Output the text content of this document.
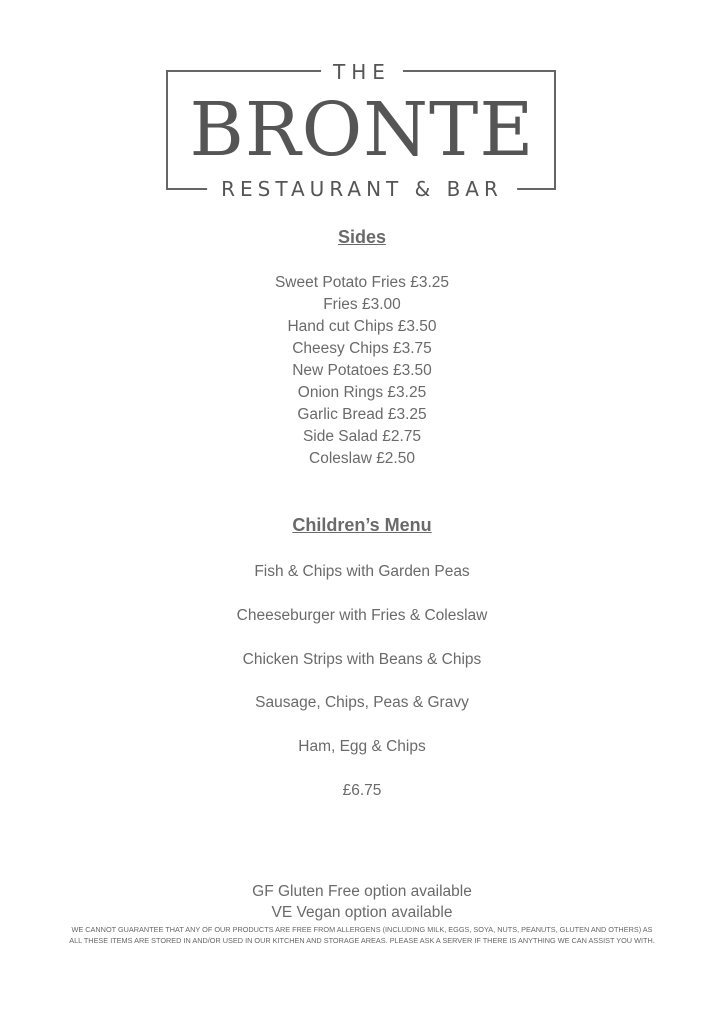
THE
BRONTE
RESTAURANT & BAR
Sides
Sweet Potato Fries £3.25
Fries £3.00
Hand cut Chips £3.50
Cheesy Chips £3.75
New Potatoes £3.50
Onion Rings £3.25
Garlic Bread £3.25
Side Salad £2.75
Coleslaw £2.50
Children’s Menu
Fish & Chips with Garden Peas
Cheeseburger with Fries & Coleslaw
Chicken Strips with Beans & Chips
Sausage, Chips, Peas & Gravy
Ham, Egg & Chips
£6.75
GF Gluten Free option available
VE Vegan option available
WE CANNOT GUARANTEE THAT ANY OF OUR PRODUCTS ARE FREE FROM ALLERGENS (INCLUDING MILK, EGGS, SOYA, NUTS, PEANUTS, GLUTEN AND OTHERS) AS
ALL THESE ITEMS ARE STORED IN AND/OR USED IN OUR KITCHEN AND STORAGE AREAS. PLEASE ASK A SERVER IF THERE IS ANYTHING WE CAN ASSIST YOU WITH.
